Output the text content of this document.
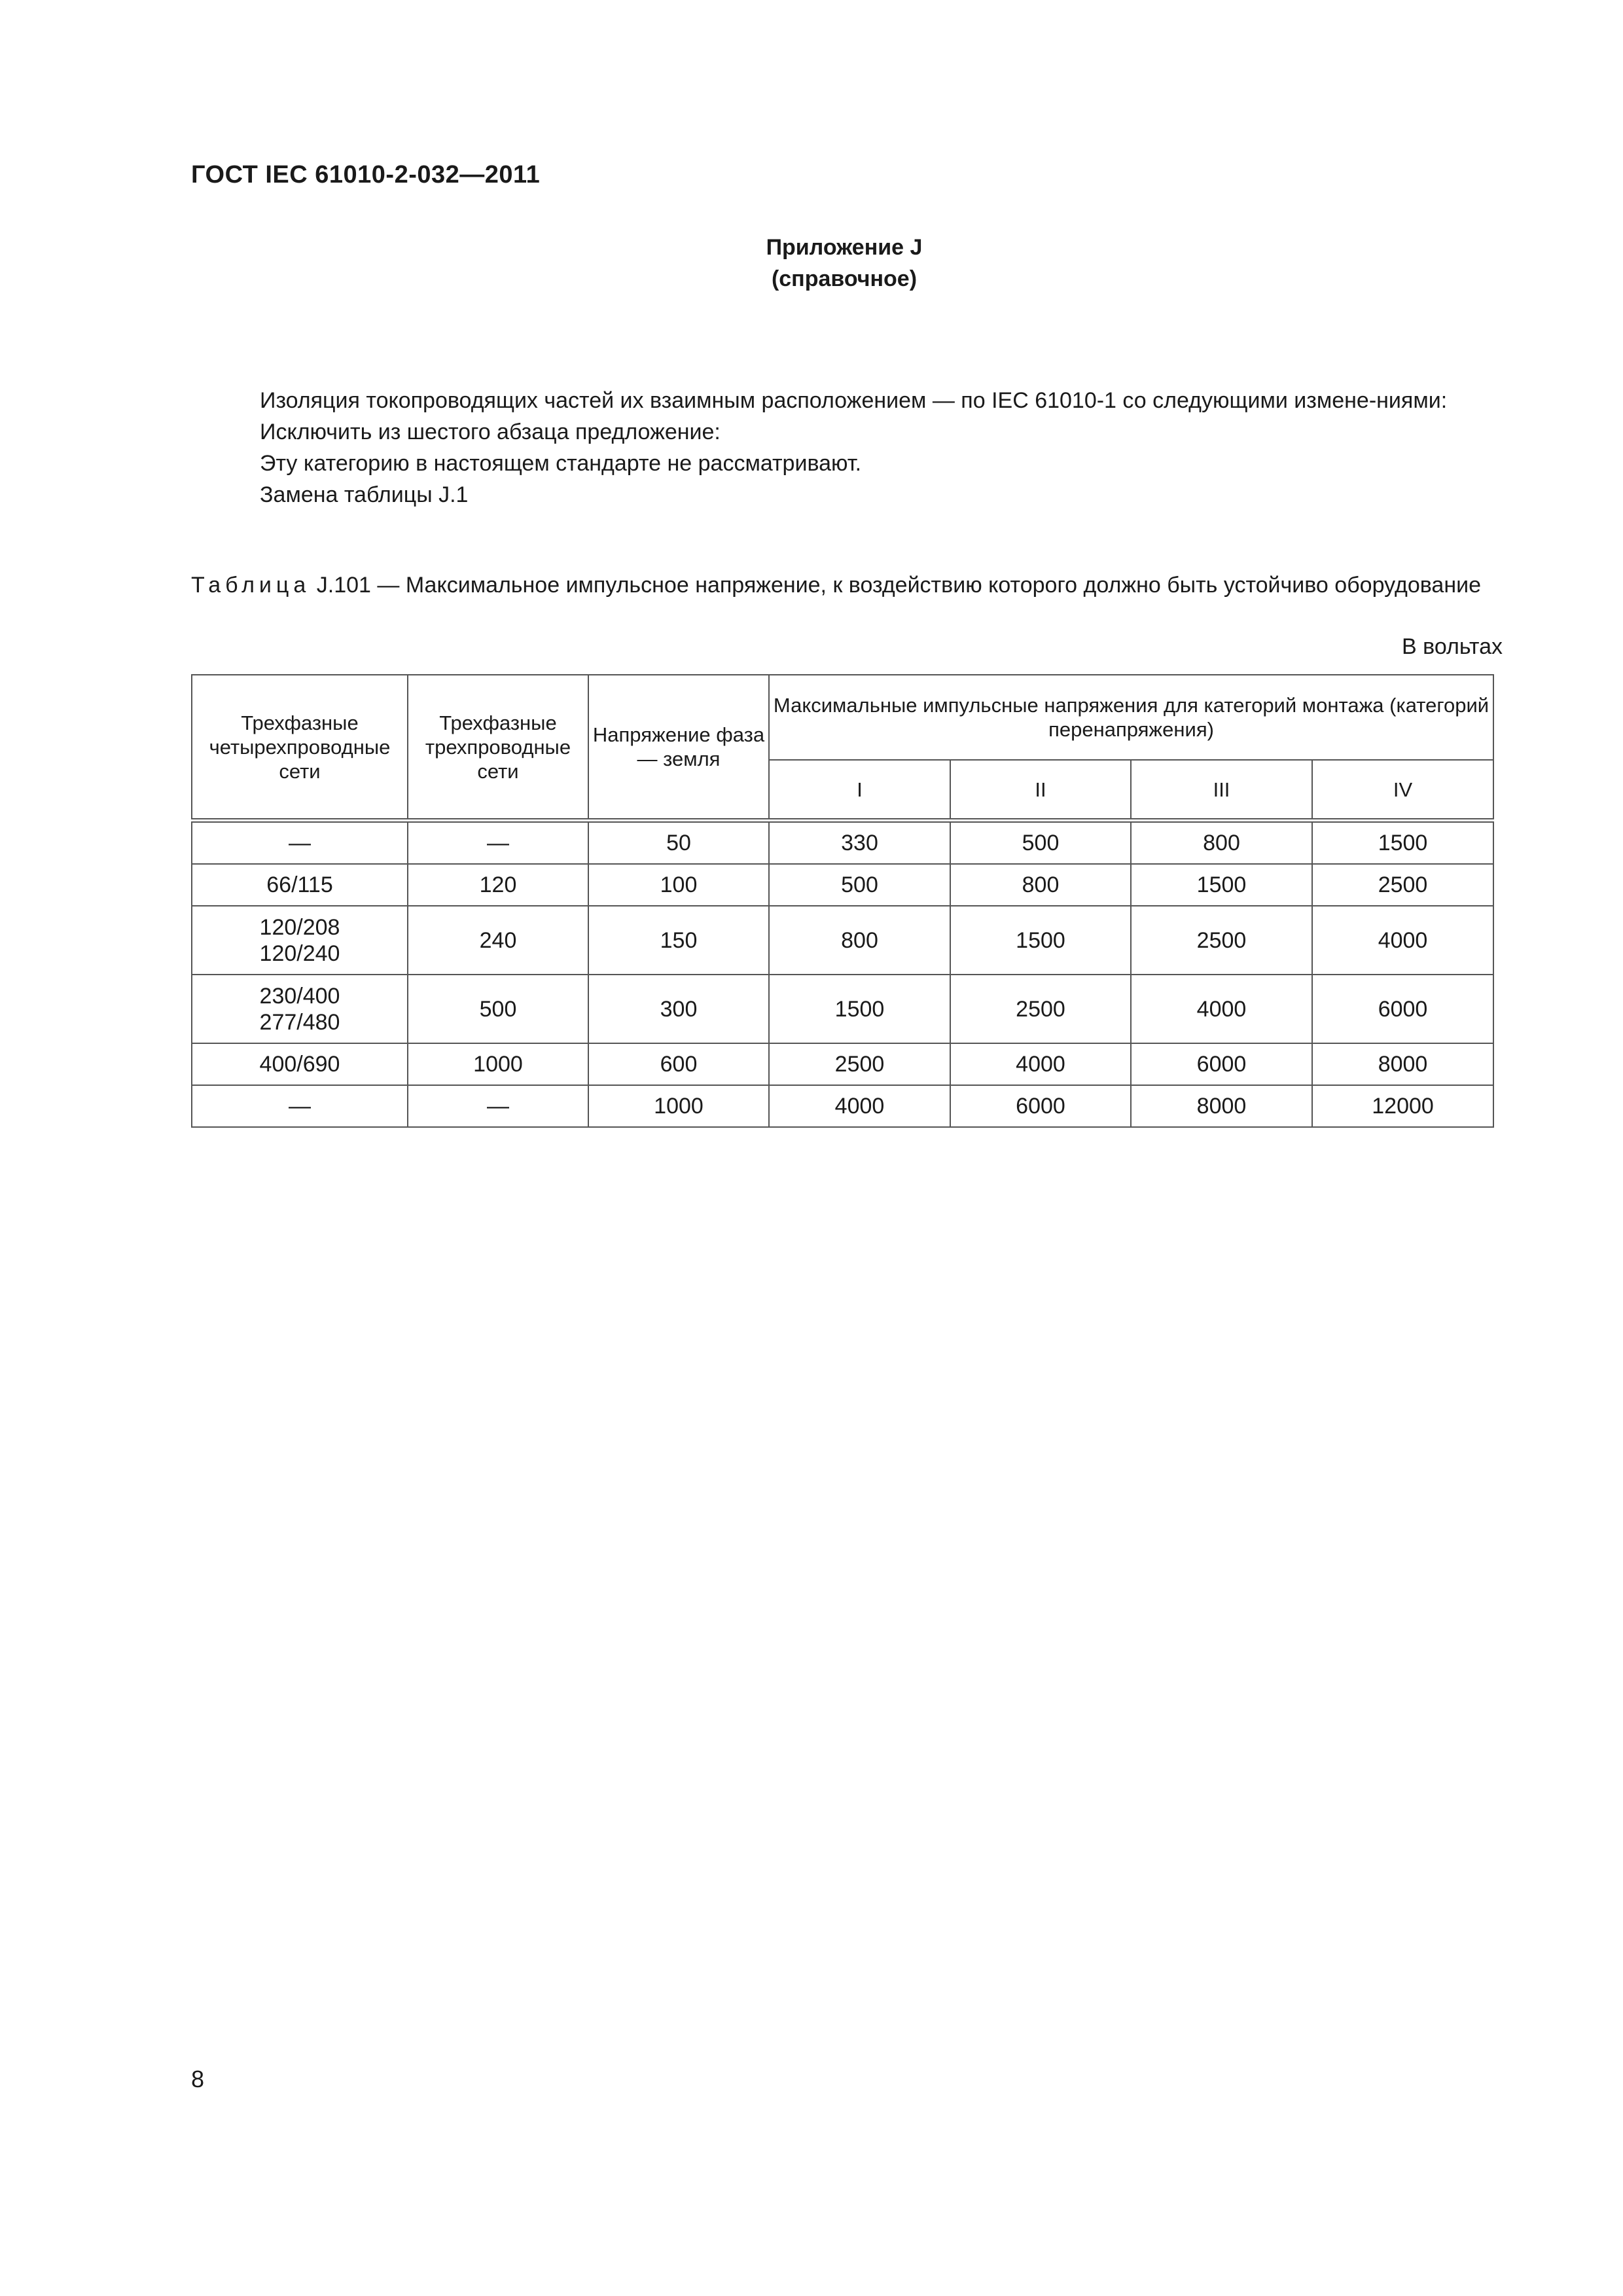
ГОСТ IEC 61010-2-032—2011
Приложение J
(справочное)

Изоляция токопроводящих частей их взаимным расположением — по IEC 61010-1 со следующими измене-ниями:

Исключить из шестого абзаца предложение:

Эту категорию в настоящем стандарте не рассматривают.

Замена таблицы J.1

Таблица J.101 — Максимальное импульсное напряжение, к воздействию которого должно быть устойчиво оборудование
В вольтах
Трехфазные четырехпроводные сети	Трехфазные трехпроводные сети	Напряжение фаза — земля	Максимальные импульсные напряжения для категорий монтажа (категорий перенапряжения)			
			I	II	III	IV
—	—	50	330	500	800	1500
66/115	120	100	500	800	1500	2500
120/208
120/240	240	150	800	1500	2500	4000
230/400
277/480	500	300	1500	2500	4000	6000
400/690	1000	600	2500	4000	6000	8000
—	—	1000	4000	6000	8000	12000
8
